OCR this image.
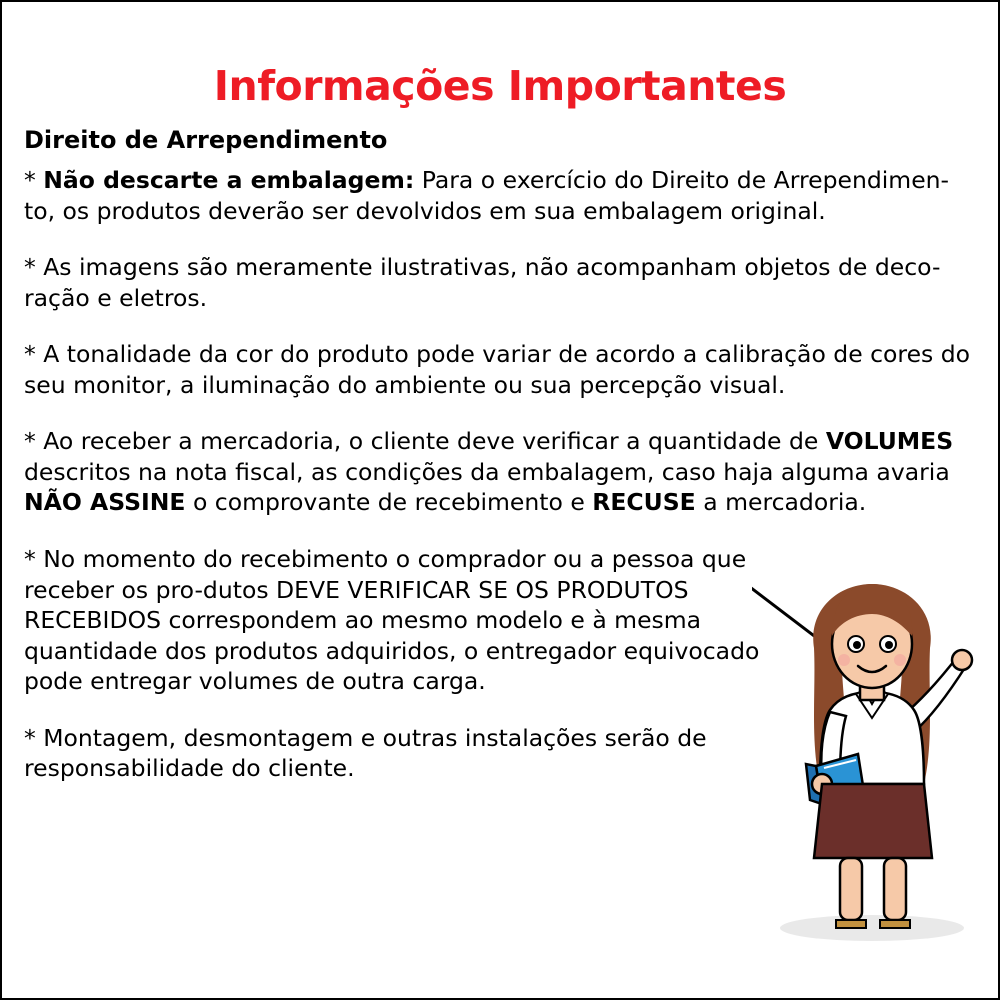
Informações Importantes
Direito de Arrependimento

* Não descarte a embalagem: Para o exercício do Direito de Arrependimen-to, os produtos deverão ser devolvidos em sua embalagem original.

* As imagens são meramente ilustrativas, não acompanham objetos de deco-ração e eletros.

* A tonalidade da cor do produto pode variar de acordo a calibração de cores do seu monitor, a iluminação do ambiente ou sua percepção visual.

* Ao receber a mercadoria, o cliente deve verificar a quantidade de VOLUMES descritos na nota fiscal, as condições da embalagem, caso haja alguma avaria NÃO ASSINE o comprovante de recebimento e RECUSE a mercadoria.

* No momento do recebimento o comprador ou a pessoa que receber os pro-dutos DEVE VERIFICAR SE OS PRODUTOS RECEBIDOS correspondem ao mesmo modelo e à mesma quantidade dos produtos adquiridos, o entregador equivocado pode entregar volumes de outra carga.

* Montagem, desmontagem e outras instalações serão de responsabilidade do cliente.
